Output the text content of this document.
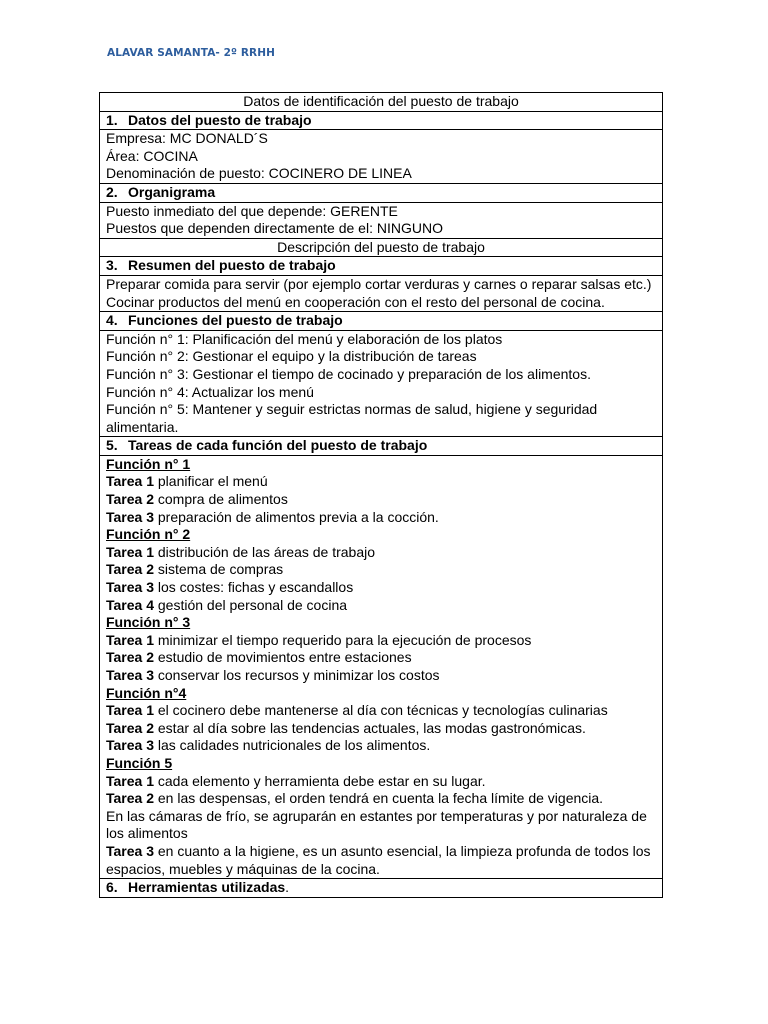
ALAVAR SAMANTA- 2º RRHH
Datos de identificación del puesto de trabajo
1. Datos del puesto de trabajo

Empresa: MC DONALD´S
Área: COCINA
Denominación de puesto: COCINERO DE LINEA

2. Organigrama

Puesto inmediato del que depende: GERENTE
Puestos que dependen directamente de el: NINGUNO

Descripción del puesto de trabajo
3. Resumen del puesto de trabajo
Preparar comida para servir (por ejemplo cortar verduras y carnes o reparar salsas etc.) Cocinar productos del menú en cooperación con el resto del personal de cocina.
4. Funciones del puesto de trabajo

Función n° 1: Planificación del menú y elaboración de los platos
Función n° 2: Gestionar el equipo y la distribución de tareas
Función n° 3: Gestionar el tiempo de cocinado y preparación de los alimentos.
Función n° 4: Actualizar los menú
Función n° 5: Mantener y seguir estrictas normas de salud, higiene y seguridad alimentaria.

5. Tareas de cada función del puesto de trabajo

Función n° 1
Tarea 1 planificar el menú
Tarea 2 compra de alimentos
Tarea 3 preparación de alimentos previa a la cocción.
Función n° 2
Tarea 1 distribución de las áreas de trabajo
Tarea 2 sistema de compras
Tarea 3 los costes: fichas y escandallos
Tarea 4 gestión del personal de cocina
Función n° 3
Tarea 1 minimizar el tiempo requerido para la ejecución de procesos
Tarea 2 estudio de movimientos entre estaciones
Tarea 3 conservar los recursos y minimizar los costos
Función n°4
Tarea 1 el cocinero debe mantenerse al día con técnicas y tecnologías culinarias
Tarea 2 estar al día sobre las tendencias actuales, las modas gastronómicas.
Tarea 3 las calidades nutricionales de los alimentos.
Función 5
Tarea 1 cada elemento y herramienta debe estar en su lugar.
Tarea 2 en las despensas, el orden tendrá en cuenta la fecha límite de vigencia.
En las cámaras de frío, se agruparán en estantes por temperaturas y por naturaleza de los alimentos
Tarea 3 en cuanto a la higiene, es un asunto esencial, la limpieza profunda de todos los espacios, muebles y máquinas de la cocina.

6. Herramientas utilizadas.
